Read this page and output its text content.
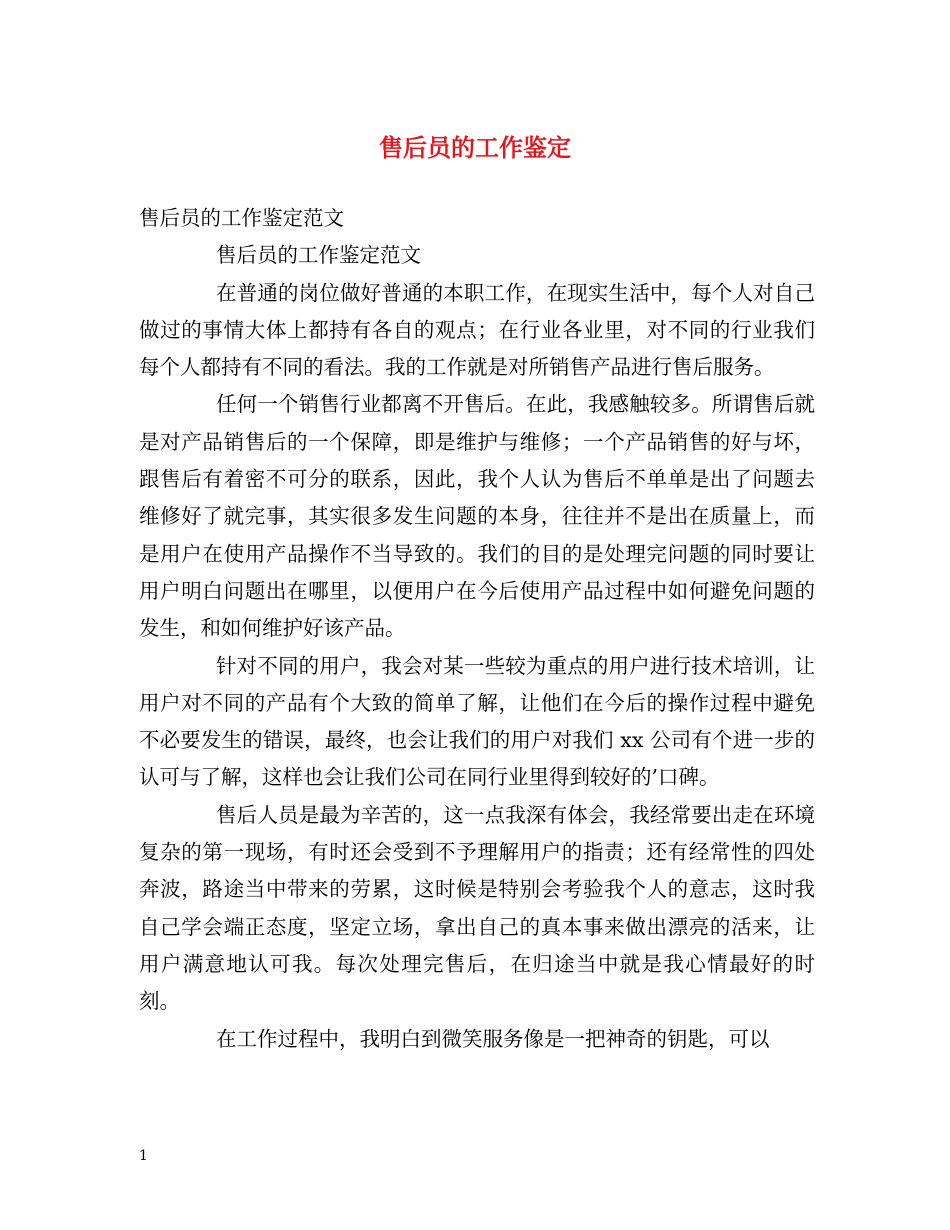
售后员的工作鉴定

售后员的工作鉴定范文

售后员的工作鉴定范文

在普通的岗位做好普通的本职工作，在现实生活中，每个人对自己做过的事情大体上都持有各自的观点；在行业各业里，对不同的行业我们每个人都持有不同的看法。我的工作就是对所销售产品进行售后服务。

任何一个销售行业都离不开售后。在此，我感触较多。所谓售后就是对产品销售后的一个保障，即是维护与维修；一个产品销售的好与坏，跟售后有着密不可分的联系，因此，我个人认为售后不单单是出了问题去维修好了就完事，其实很多发生问题的本身，往往并不是出在质量上，而是用户在使用产品操作不当导致的。我们的目的是处理完问题的同时要让用户明白问题出在哪里，以便用户在今后使用产品过程中如何避免问题的发生，和如何维护好该产品。

针对不同的用户，我会对某一些较为重点的用户进行技术培训，让用户对不同的产品有个大致的简单了解，让他们在今后的操作过程中避免不必要发生的错误，最终，也会让我们的用户对我们 xx 公司有个进一步的认可与了解，这样也会让我们公司在同行业里得到较好的’口碑。

售后人员是最为辛苦的，这一点我深有体会，我经常要出走在环境复杂的第一现场，有时还会受到不予理解用户的指责；还有经常性的四处奔波，路途当中带来的劳累，这时候是特别会考验我个人的意志，这时我自己学会端正态度，坚定立场，拿出自己的真本事来做出漂亮的活来，让用户满意地认可我。每次处理完售后，在归途当中就是我心情最好的时刻。

在工作过程中，我明白到微笑服务像是一把神奇的钥匙，可以

1
